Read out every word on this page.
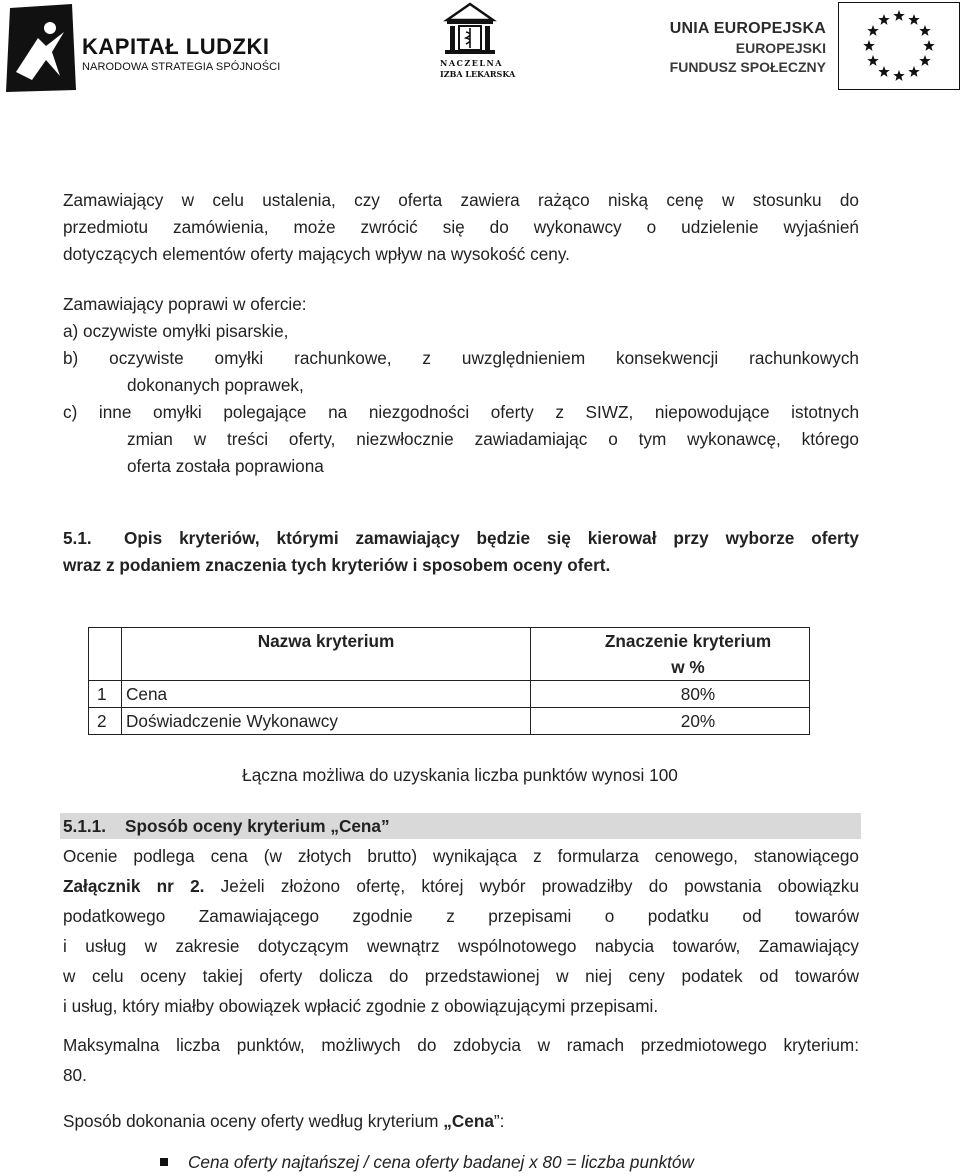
KAPITAŁ LUDZKI
NARODOWA STRATEGIA SPÓJNOŚCI	NACZELNA
IZBA LEKARSKA
UNIA EUROPEJSKA
EUROPEJSKI
FUNDUSZ SPOŁECZNY
Zamawiający w celu ustalenia, czy oferta zawiera rażąco niską cenę w stosunku do
przedmiotu zamówienia, może zwrócić się do wykonawcy o udzielenie wyjaśnień
dotyczących elementów oferty mających wpływ na wysokość ceny.
Zamawiający poprawi w ofercie:
a) oczywiste omyłki pisarskie,
b) oczywiste omyłki rachunkowe, z uwzględnieniem konsekwencji rachunkowych
dokonanych poprawek,
c) inne omyłki polegające na niezgodności oferty z SIWZ, niepowodujące istotnych
zmian w treści oferty, niezwłocznie zawiadamiając o tym wykonawcę, którego
oferta została poprawiona
5.1. Opis kryteriów, którymi zamawiający będzie się kierował przy wyborze oferty
wraz z podaniem znaczenia tych kryteriów i sposobem oceny ofert.
	Nazwa kryterium	Znaczenie kryterium
w %
1	Cena	80%
2	Doświadczenie Wykonawcy	20%
Łączna możliwa do uzyskania liczba punktów wynosi 100
5.1.1. Sposób oceny kryterium „Cena”
Ocenie podlega cena (w złotych brutto) wynikająca z formularza cenowego, stanowiącego
Załącznik nr 2. Jeżeli złożono ofertę, której wybór prowadziłby do powstania obowiązku
podatkowego Zamawiającego zgodnie z przepisami o podatku od towarów
i usług w zakresie dotyczącym wewnątrz wspólnotowego nabycia towarów, Zamawiający
w celu oceny takiej oferty dolicza do przedstawionej w niej ceny podatek od towarów
i usług, który miałby obowiązek wpłacić zgodnie z obowiązującymi przepisami.
Maksymalna liczba punktów, możliwych do zdobycia w ramach przedmiotowego kryterium:
80.
Sposób dokonania oceny oferty według kryterium „Cena”:
Cena oferty najtańszej / cena oferty badanej x 80 = liczba punktów
